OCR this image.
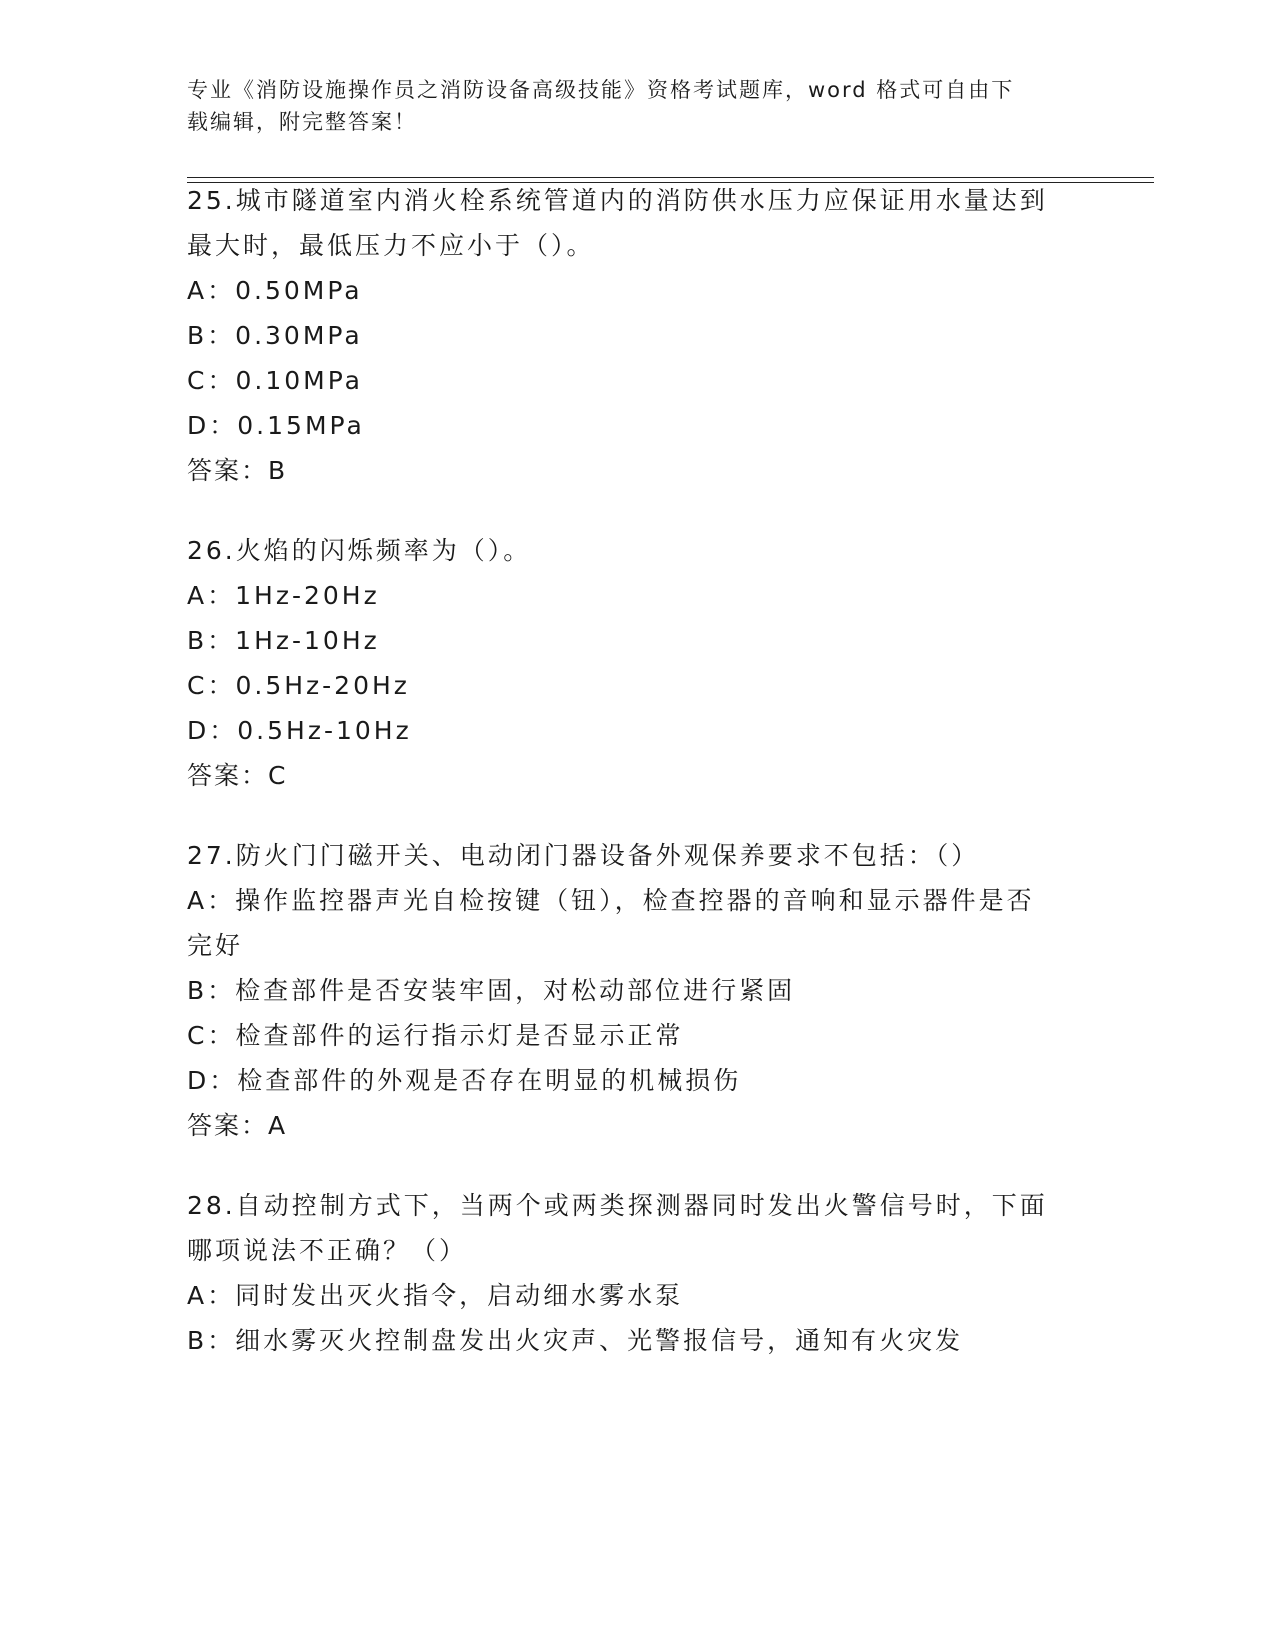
专业《消防设施操作员之消防设备高级技能》资格考试题库，word 格式可自由下
载编辑，附完整答案！
25.城市隧道室内消火栓系统管道内的消防供水压力应保证用水量达到
最大时，最低压力不应小于（）。
A：0.50MPa
B：0.30MPa
C：0.10MPa
D：0.15MPa
答案：B
26.火焰的闪烁频率为（）。
A：1Hz-20Hz
B：1Hz-10Hz
C：0.5Hz-20Hz
D：0.5Hz-10Hz
答案：C
27.防火门门磁开关、电动闭门器设备外观保养要求不包括：（）
A：操作监控器声光自检按键（钮），检查控器的音响和显示器件是否
完好
B：检查部件是否安装牢固，对松动部位进行紧固
C：检查部件的运行指示灯是否显示正常
D：检查部件的外观是否存在明显的机械损伤
答案：A
28.自动控制方式下，当两个或两类探测器同时发出火警信号时，下面
哪项说法不正确？（）
A：同时发出灭火指令，启动细水雾水泵
B：细水雾灭火控制盘发出火灾声、光警报信号，通知有火灾发
